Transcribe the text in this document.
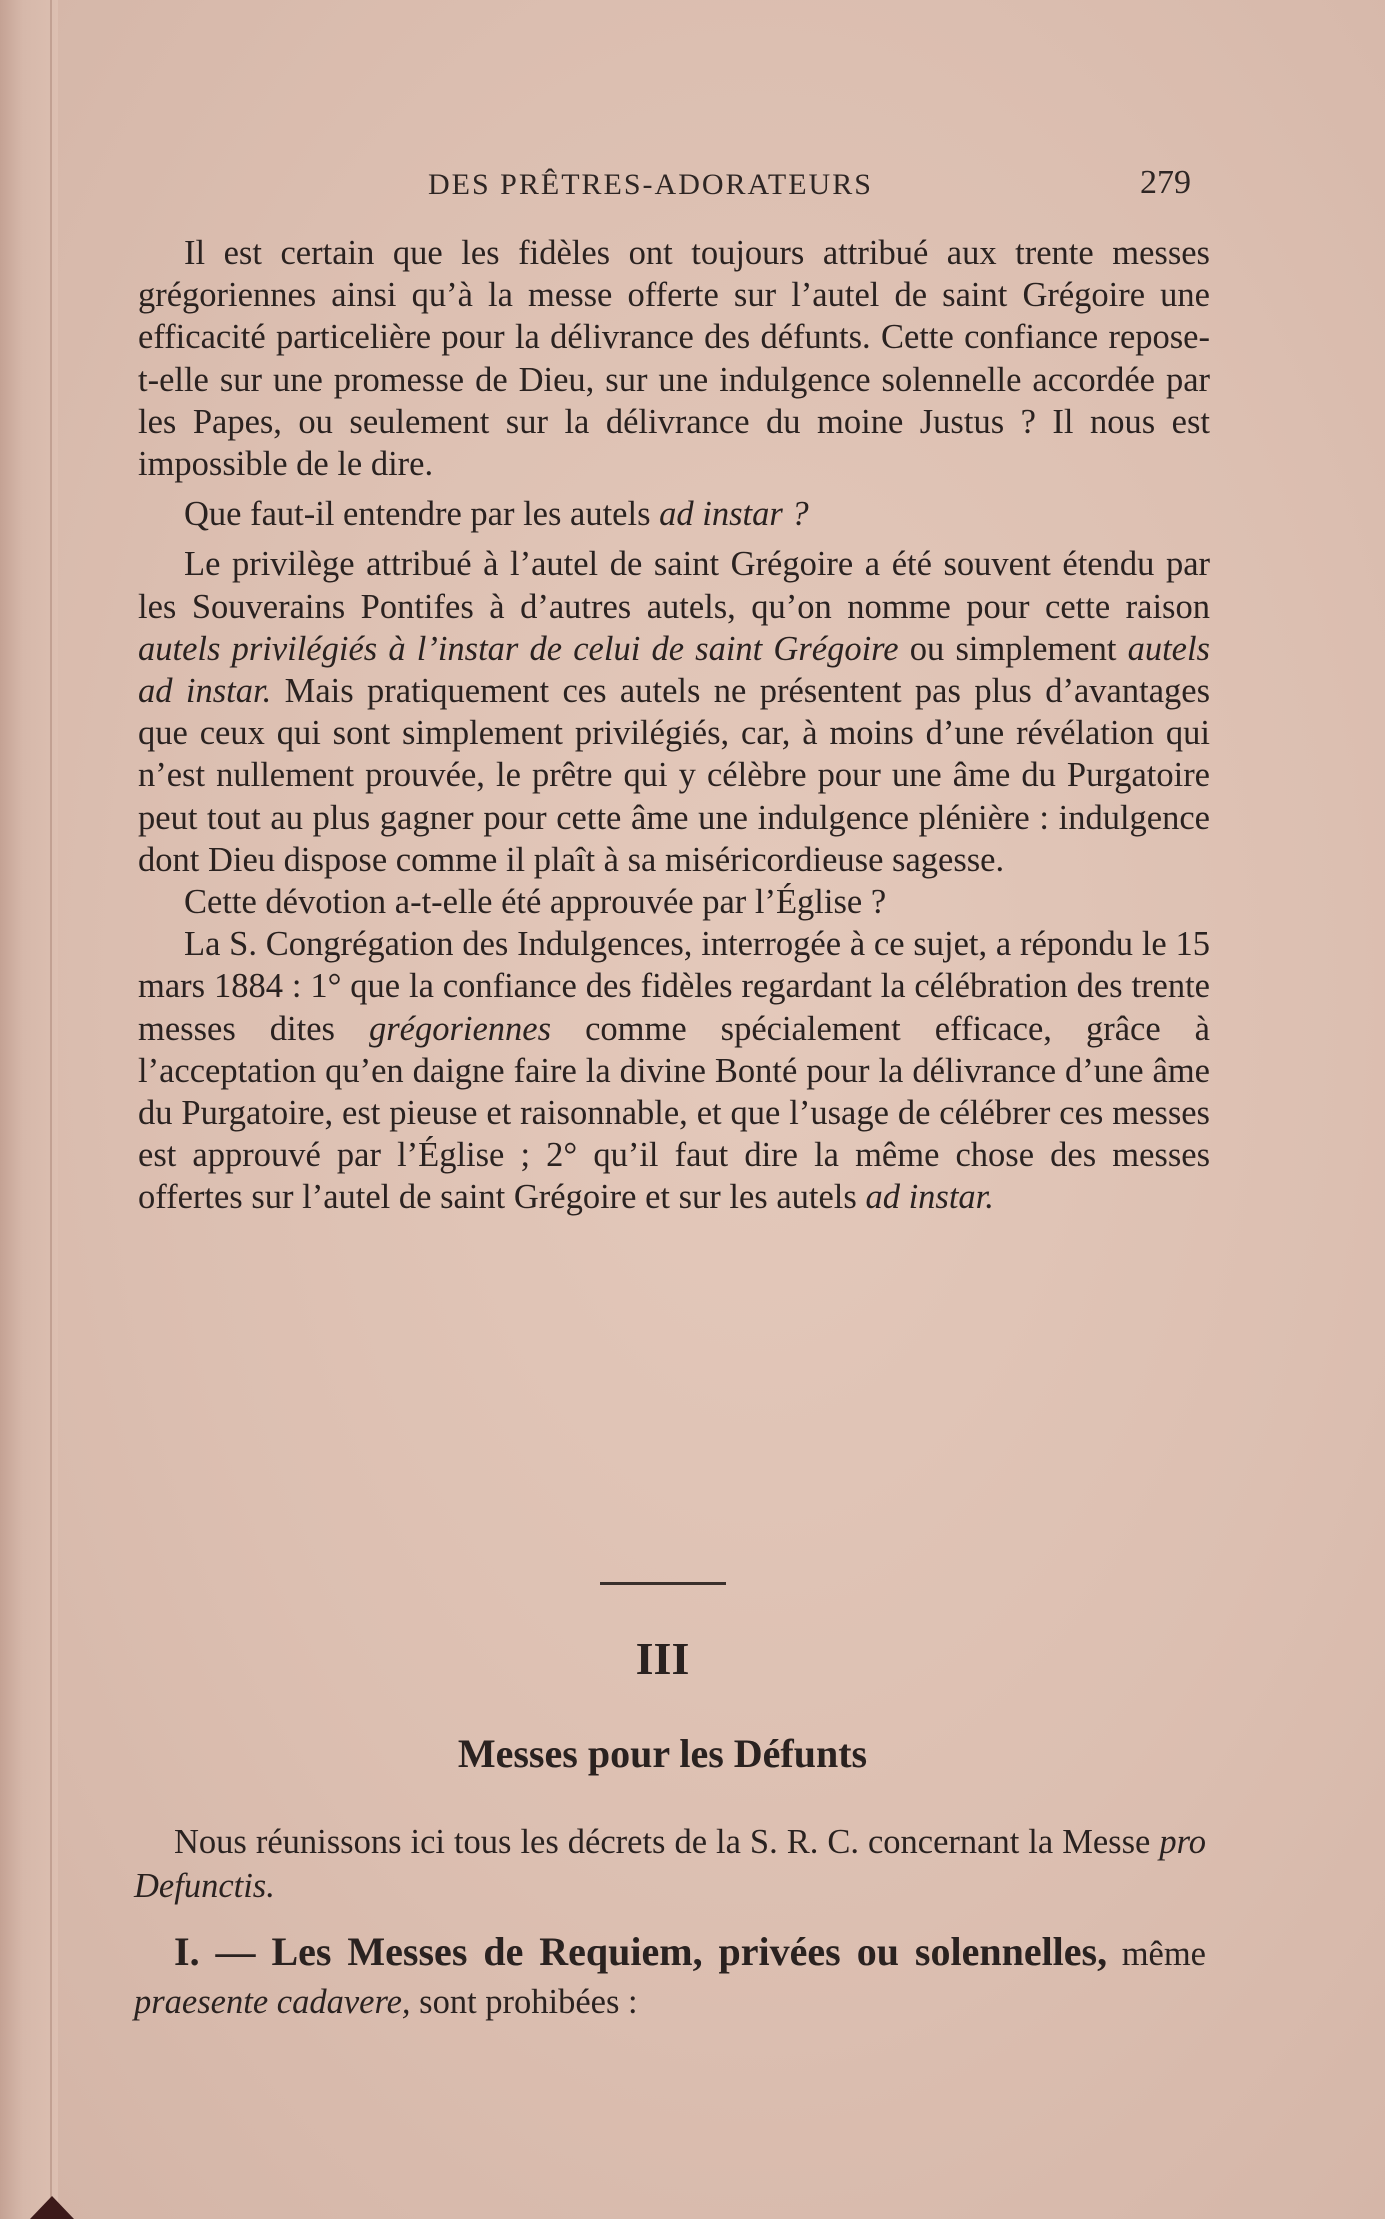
DES PRÊTRES-ADORATEURS	279

Il est certain que les fidèles ont toujours attribué aux trente messes grégoriennes ainsi qu’à la messe offerte sur l’autel de saint Grégoire une efficacité particelière pour la délivrance des défunts. Cette confiance repose-t-elle sur une promesse de Dieu, sur une indulgence solennelle accordée par les Papes, ou seulement sur la délivrance du moine Justus ? Il nous est impossible de le dire.

Que faut-il entendre par les autels ad instar ?

Le privilège attribué à l’autel de saint Grégoire a été souvent étendu par les Souverains Pontifes à d’autres autels, qu’on nomme pour cette raison autels privilégiés à l’instar de celui de saint Grégoire ou simplement autels ad instar. Mais pratiquement ces autels ne présentent pas plus d’avantages que ceux qui sont simplement privilégiés, car, à moins d’une révélation qui n’est nullement prouvée, le prêtre qui y célèbre pour une âme du Purgatoire peut tout au plus gagner pour cette âme une indulgence plénière : indulgence dont Dieu dispose comme il plaît à sa miséricordieuse sagesse.

Cette dévotion a-t-elle été approuvée par l’Église ?

La S. Congrégation des Indulgences, interrogée à ce sujet, a répondu le 15 mars 1884 : 1° que la confiance des fidèles regardant la célébration des trente messes dites grégoriennes comme spécialement efficace, grâce à l’acceptation qu’en daigne faire la divine Bonté pour la délivrance d’une âme du Purgatoire, est pieuse et raisonnable, et que l’usage de célébrer ces messes est approuvé par l’Église ; 2° qu’il faut dire la même chose des messes offertes sur l’autel de saint Grégoire et sur les autels ad instar.

III
Messes pour les Défunts

Nous réunissons ici tous les décrets de la S. R. C. concernant la Messe pro Defunctis.

I. — Les Messes de Requiem, privées ou solennelles, même praesente cadavere, sont prohibées :
